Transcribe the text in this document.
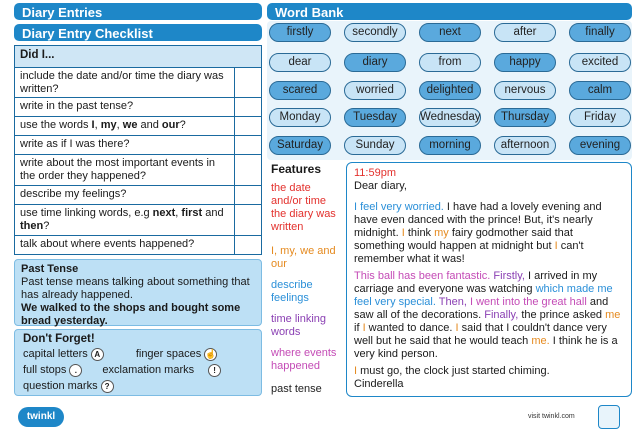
Diary Entries
Diary Entry Checklist
Did I...
include the date and/or time the diary was written?
write in the past tense?
use the words I, my, we and our?
write as if I was there?
write about the most important events in the order they happened?
describe my feelings?
use time linking words, e.g next, first and then?
talk about where events happened?
Past Tense
Past tense means talking about something that has already happened.
We walked to the shops and bought some bread yesterday.
Don't Forget!
capital letters A	finger spaces ☝
full stops	.	exclamation marks	!
question marks ?
Word Bank
firstly	secondly	next	after	finally
dear	diary	from	happy	excited
scared	worried	delighted	nervous	calm
Monday	Tuesday	Wednesday	Thursday	Friday
Saturday	Sunday	morning	afternoon	evening
Features
the date and/or time the diary was written
I, my, we and our
describe feelings
time linking words
where events happened
past tense

11:59pm

Dear diary,

I feel very worried. I have had a lovely evening and have even danced with the prince! But, it's nearly midnight. I think my fairy godmother said that something would happen at midnight but I can't remember what it was!

This ball has been fantastic. Firstly, I arrived in my carriage and everyone was watching which made me feel very special. Then, I went into the great hall and saw all of the decorations. Finally, the prince asked me if I wanted to dance. I said that I couldn't dance very well but he said that he would teach me. I think he is a very kind person.

I must go, the clock just started chiming.

Cinderella

twinkl	visit twinkl.com
